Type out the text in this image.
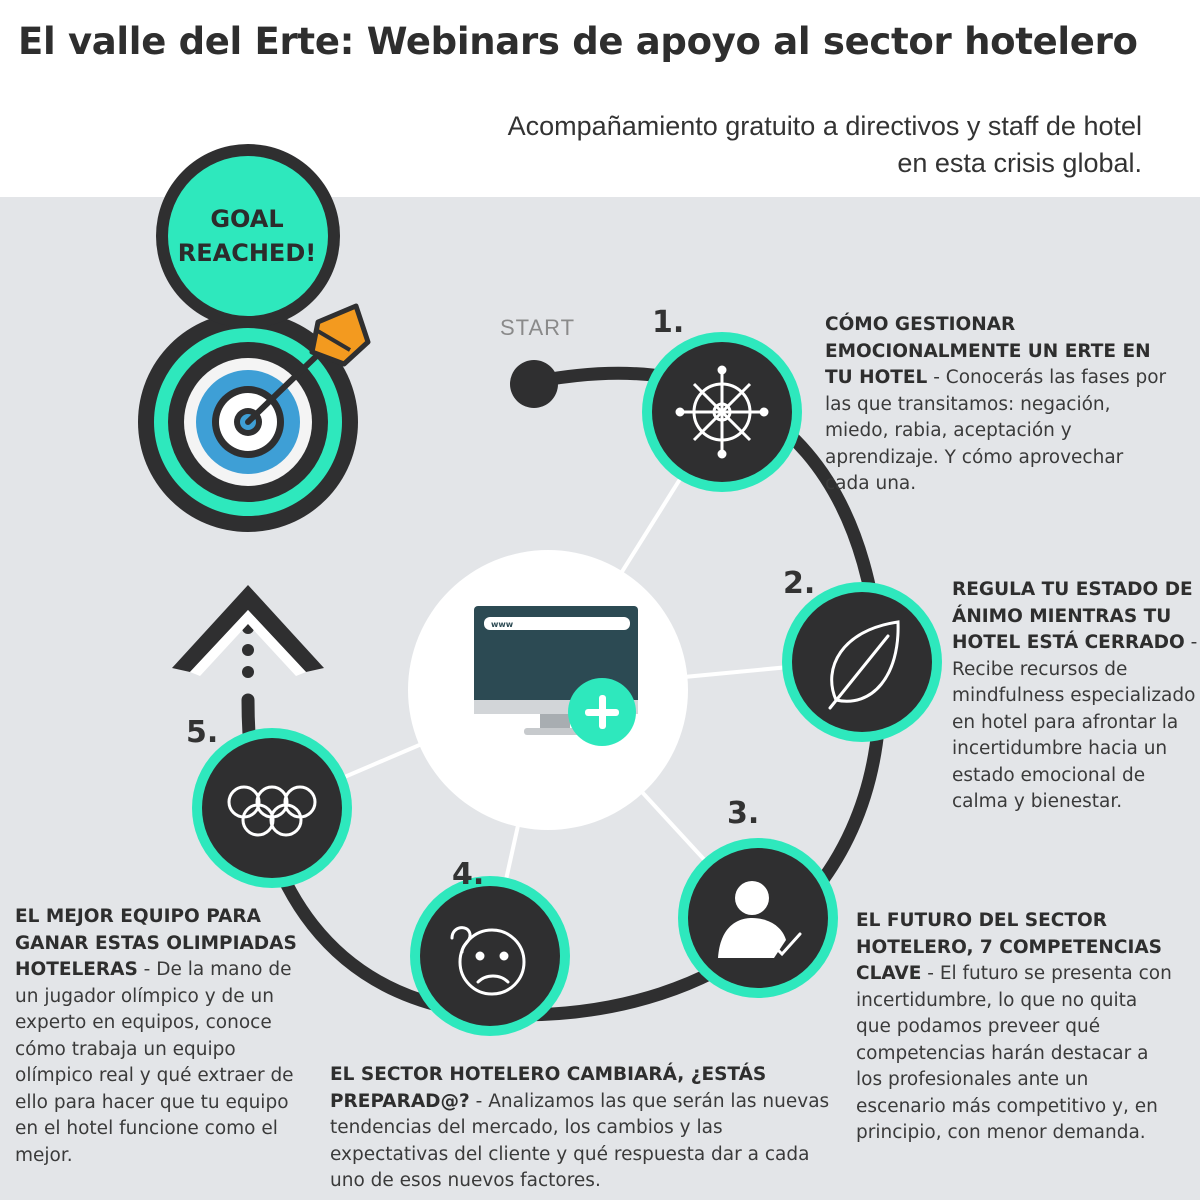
El valle del Erte: Webinars de apoyo al sector hotelero
Acompañamiento gratuito a directivos y staff de hotel
en esta crisis global.
www
START
GOAL
REACHED!
1.
2.
3.
4.
5.
CÓMO GESTIONAR EMOCIONALMENTE UN ERTE EN TU HOTEL - Conocerás las fases por las que transitamos: negación, miedo, rabia, aceptación y aprendizaje. Y cómo aprovechar cada una.
REGULA TU ESTADO DE ÁNIMO MIENTRAS TU HOTEL ESTÁ CERRADO - Recibe recursos de mindfulness especializado en hotel para afrontar la incertidumbre hacia un estado emocional de calma y bienestar.
EL FUTURO DEL SECTOR HOTELERO, 7 COMPETENCIAS CLAVE - El futuro se presenta con incertidumbre, lo que no quita que podamos preveer qué competencias harán destacar a los profesionales ante un escenario más competitivo y, en principio, con menor demanda.
EL SECTOR HOTELERO CAMBIARÁ, ¿ESTÁS PREPARAD@? - Analizamos las que serán las nuevas tendencias del mercado, los cambios y las expectativas del cliente y qué respuesta dar a cada uno de esos nuevos factores.
EL MEJOR EQUIPO PARA GANAR ESTAS OLIMPIADAS HOTELERAS - De la mano de un jugador olímpico y de un experto en equipos, conoce cómo trabaja un equipo olímpico real y qué extraer de ello para hacer que tu equipo en el hotel funcione como el mejor.
